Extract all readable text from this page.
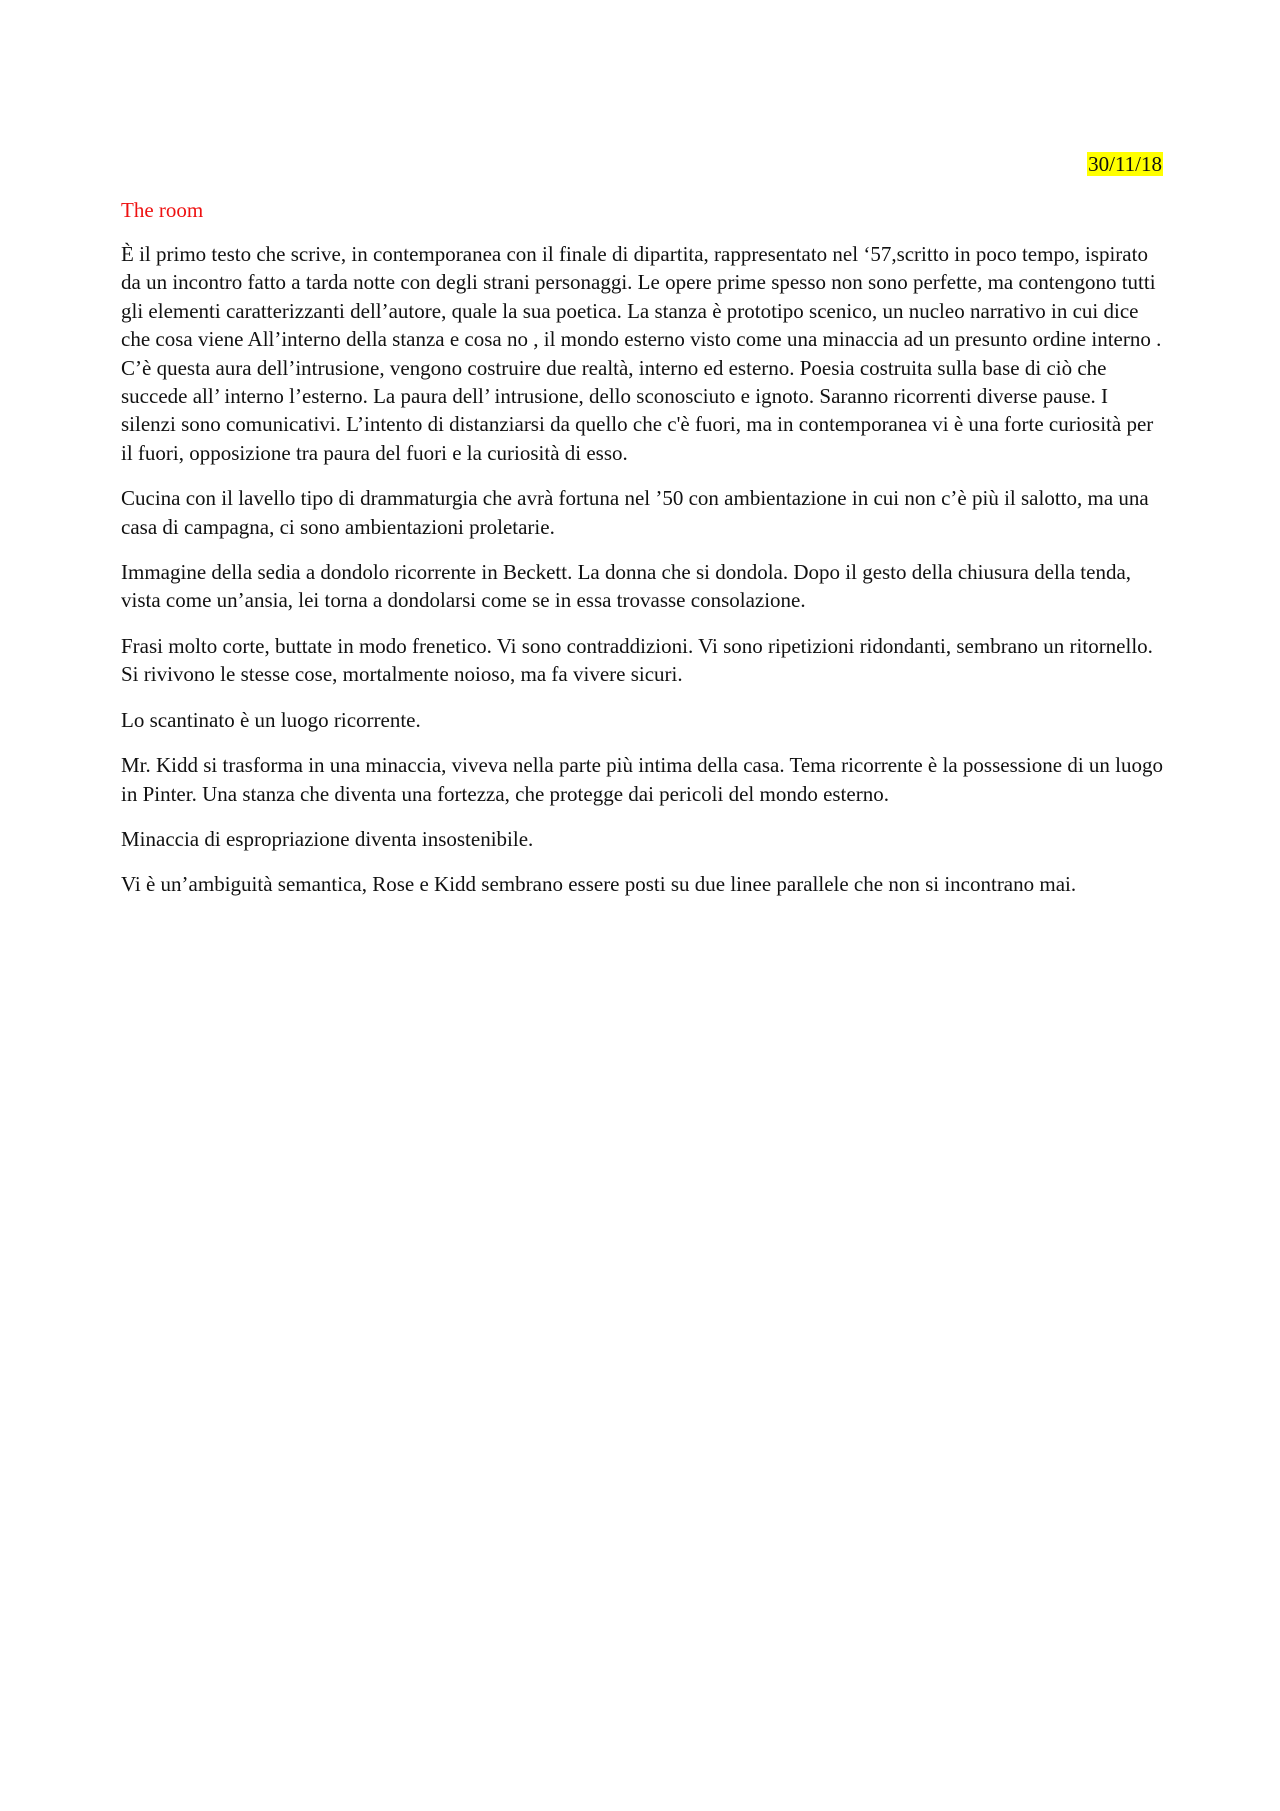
30/11/18
The room

È il primo testo che scrive, in contemporanea con il finale di dipartita, rappresentato nel ‘57,scritto in poco tempo, ispirato da un incontro fatto a tarda notte con degli strani personaggi. Le opere prime spesso non sono perfette, ma contengono tutti gli elementi caratterizzanti dell’autore, quale la sua poetica. La stanza è prototipo scenico, un nucleo narrativo in cui dice che cosa viene All’interno della stanza e cosa no , il mondo esterno visto come una minaccia ad un presunto ordine interno . C’è questa aura dell’intrusione, vengono costruire due realtà, interno ed esterno. Poesia costruita sulla base di ciò che succede all’ interno l’esterno. La paura dell’ intrusione, dello sconosciuto e ignoto. Saranno ricorrenti diverse pause. I silenzi sono comunicativi. L’intento di distanziarsi da quello che c'è fuori, ma in contemporanea vi è una forte curiosità per il fuori, opposizione tra paura del fuori e la curiosità di esso.

Cucina con il lavello tipo di drammaturgia che avrà fortuna nel ’50 con ambientazione in cui non c’è più il salotto, ma una casa di campagna, ci sono ambientazioni proletarie.

Immagine della sedia a dondolo ricorrente in Beckett. La donna che si dondola. Dopo il gesto della chiusura della tenda, vista come un’ansia, lei torna a dondolarsi come se in essa trovasse consolazione.

Frasi molto corte, buttate in modo frenetico. Vi sono contraddizioni. Vi sono ripetizioni ridondanti, sembrano un ritornello. Si rivivono le stesse cose, mortalmente noioso, ma fa vivere sicuri.

Lo scantinato è un luogo ricorrente.

Mr. Kidd si trasforma in una minaccia, viveva nella parte più intima della casa. Tema ricorrente è la possessione di un luogo in Pinter. Una stanza che diventa una fortezza, che protegge dai pericoli del mondo esterno.

Minaccia di espropriazione diventa insostenibile.

Vi è un’ambiguità semantica, Rose e Kidd sembrano essere posti su due linee parallele che non si incontrano mai.
